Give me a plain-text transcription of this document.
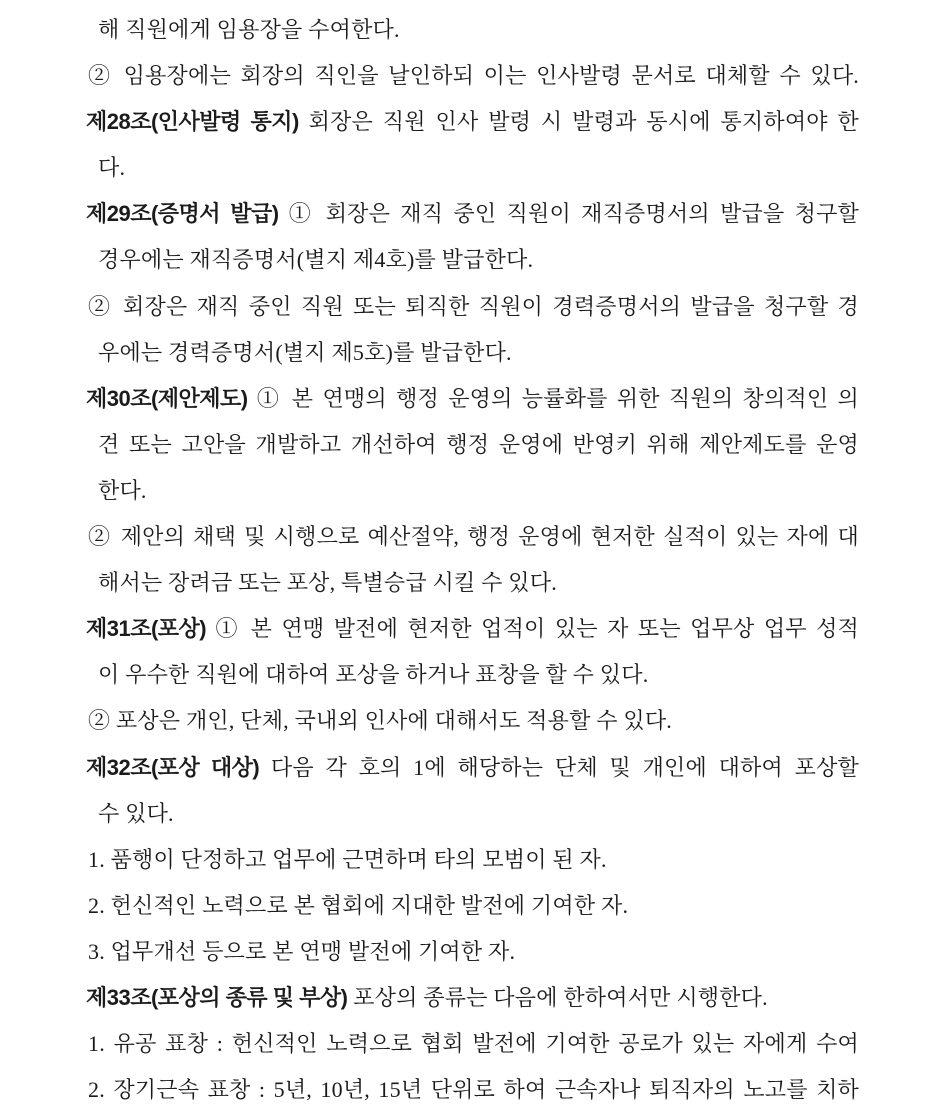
해 직원에게 임용장을 수여한다.
② 임용장에는 회장의 직인을 날인하되 이는 인사발령 문서로 대체할 수 있다.
제28조(인사발령 통지) 회장은 직원 인사 발령 시 발령과 동시에 통지하여야 한
다.
제29조(증명서 발급) ① 회장은 재직 중인 직원이 재직증명서의 발급을 청구할
경우에는 재직증명서(별지 제4호)를 발급한다.
② 회장은 재직 중인 직원 또는 퇴직한 직원이 경력증명서의 발급을 청구할 경
우에는 경력증명서(별지 제5호)를 발급한다.
제30조(제안제도) ① 본 연맹의 행정 운영의 능률화를 위한 직원의 창의적인 의
견 또는 고안을 개발하고 개선하여 행정 운영에 반영키 위해 제안제도를 운영
한다.
② 제안의 채택 및 시행으로 예산절약, 행정 운영에 현저한 실적이 있는 자에 대
해서는 장려금 또는 포상, 특별승급 시킬 수 있다.
제31조(포상) ① 본 연맹 발전에 현저한 업적이 있는 자 또는 업무상 업무 성적
이 우수한 직원에 대하여 포상을 하거나 표창을 할 수 있다.
② 포상은 개인, 단체, 국내외 인사에 대해서도 적용할 수 있다.
제32조(포상 대상) 다음 각 호의 1에 해당하는 단체 및 개인에 대하여 포상할
수 있다.
1. 품행이 단정하고 업무에 근면하며 타의 모범이 된 자.
2. 헌신적인 노력으로 본 협회에 지대한 발전에 기여한 자.
3. 업무개선 등으로 본 연맹 발전에 기여한 자.
제33조(포상의 종류 및 부상) 포상의 종류는 다음에 한하여서만 시행한다.
1. 유공 표창 : 헌신적인 노력으로 협회 발전에 기여한 공로가 있는 자에게 수여
2. 장기근속 표창 : 5년, 10년, 15년 단위로 하여 근속자나 퇴직자의 노고를 치하
